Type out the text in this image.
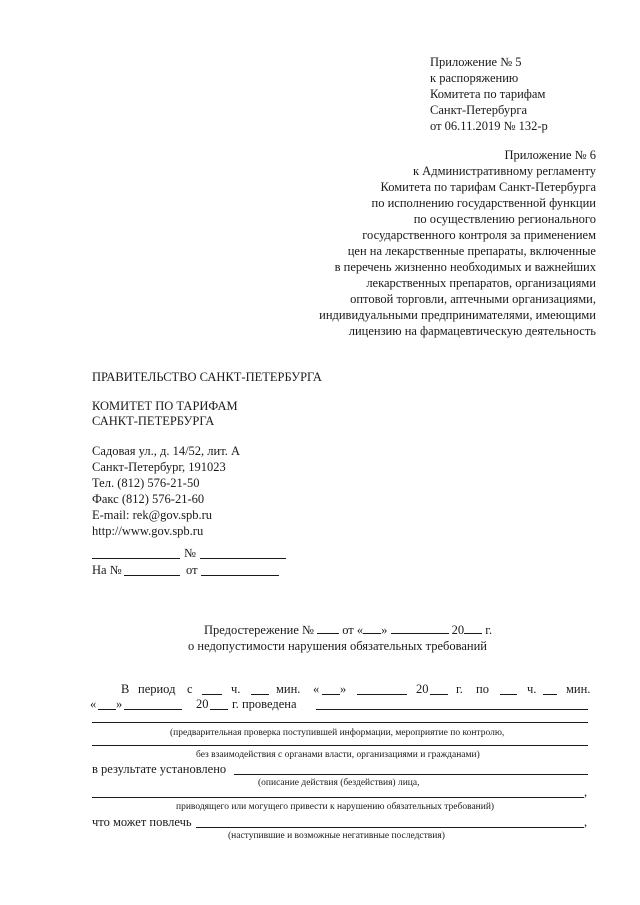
Приложение № 5
к распоряжению
Комитета по тарифам
Санкт-Петербурга
от 06.11.2019 № 132-р
Приложение № 6
к Административному регламенту
Комитета по тарифам Санкт-Петербурга
по исполнению государственной функции
по осуществлению регионального
государственного контроля за применением
цен на лекарственные препараты, включенные
в перечень жизненно необходимых и важнейших
лекарственных препаратов, организациями
оптовой торговли, аптечными организациями,
индивидуальными предпринимателями, имеющими
лицензию на фармацевтическую деятельность
ПРАВИТЕЛЬСТВО САНКТ-ПЕТЕРБУРГА
КОМИТЕТ ПО ТАРИФАМ
САНКТ-ПЕТЕРБУРГА
Садовая ул., д. 14/52, лит. А
Санкт-Петербург, 191023
Тел. (812) 576-21-50
Факс (812) 576-21-60
E-mail: rek@gov.spb.ru
http://www.gov.spb.ru
№
На №	от
Предостережение № от « »	20 г.
о недопустимости нарушения обязательных требований
В период с	ч.	мин. « »	20 г. по	ч. мин.
« »	20 г. проведена
(предварительная проверка поступившей информации, мероприятие по контролю,
без взаимодействия с органами власти, организациями и гражданами)
в результате установлено
(описание действия (бездействия) лица,
,
приводящего или могущего привести к нарушению обязательных требований)
что может повлечь	,
(наступившие и возможные негативные последствия)
